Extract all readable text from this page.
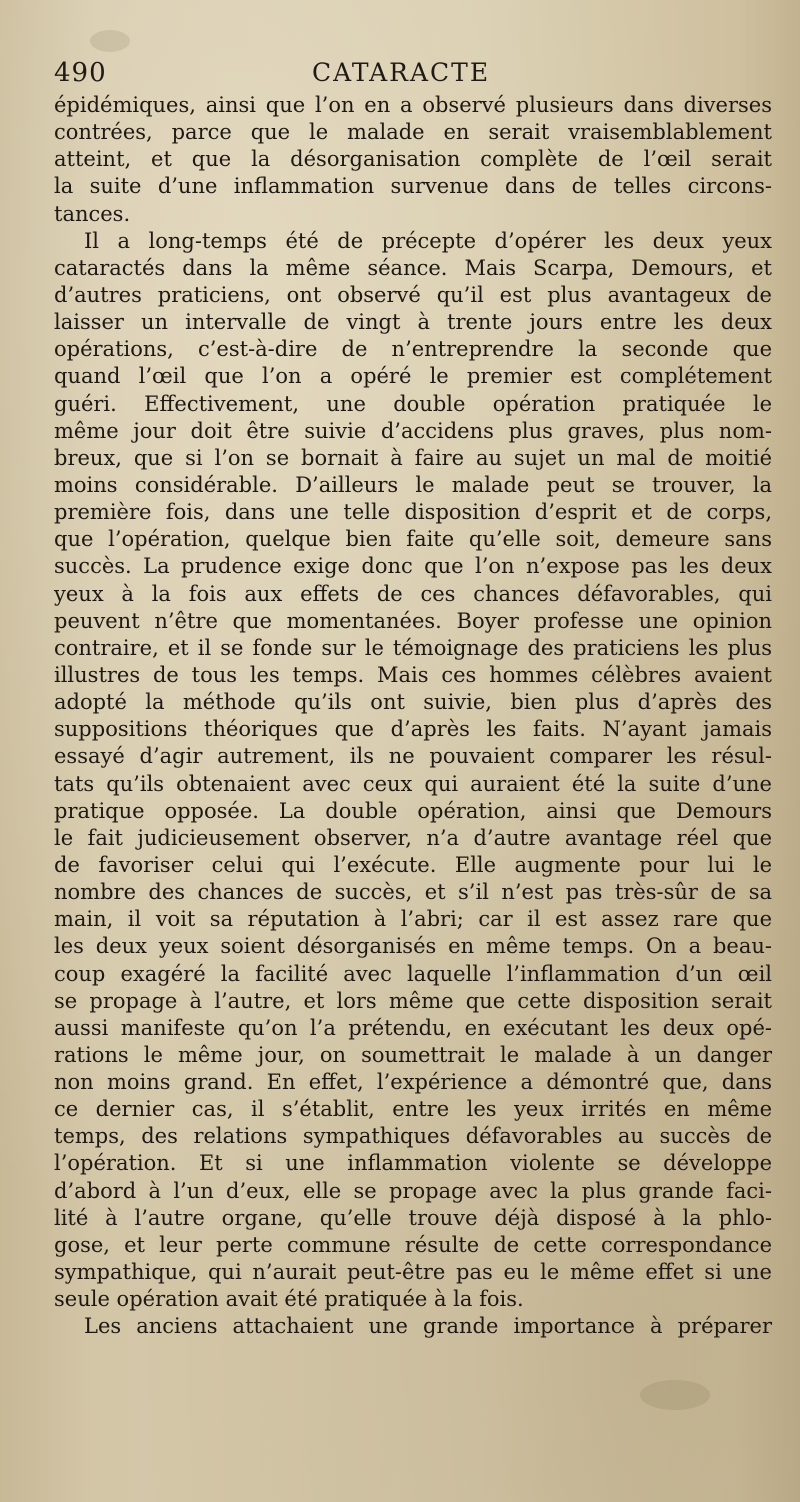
490	CATARACTE
épidémiques, ainsi que l’on en a observé plusieurs dans diverses
contrées, parce que le malade en serait vraisemblablement
atteint, et que la désorganisation complète de l’œil serait
la suite d’une inflammation survenue dans de telles circons-
tances.
Il a long-temps été de précepte d’opérer les deux yeux
cataractés dans la même séance. Mais Scarpa, Demours, et
d’autres praticiens, ont observé qu’il est plus avantageux de
laisser un intervalle de vingt à trente jours entre les deux
opérations, c’est-à-dire de n’entreprendre la seconde que
quand l’œil que l’on a opéré le premier est complétement
guéri. Effectivement, une double opération pratiquée le
même jour doit être suivie d’accidens plus graves, plus nom-
breux, que si l’on se bornait à faire au sujet un mal de moitié
moins considérable. D’ailleurs le malade peut se trouver, la
première fois, dans une telle disposition d’esprit et de corps,
que l’opération, quelque bien faite qu’elle soit, demeure sans
succès. La prudence exige donc que l’on n’expose pas les deux
yeux à la fois aux effets de ces chances défavorables, qui
peuvent n’être que momentanées. Boyer professe une opinion
contraire, et il se fonde sur le témoignage des praticiens les plus
illustres de tous les temps. Mais ces hommes célèbres avaient
adopté la méthode qu’ils ont suivie, bien plus d’après des
suppositions théoriques que d’après les faits. N’ayant jamais
essayé d’agir autrement, ils ne pouvaient comparer les résul-
tats qu’ils obtenaient avec ceux qui auraient été la suite d’une
pratique opposée. La double opération, ainsi que Demours
le fait judicieusement observer, n’a d’autre avantage réel que
de favoriser celui qui l’exécute. Elle augmente pour lui le
nombre des chances de succès, et s’il n’est pas très-sûr de sa
main, il voit sa réputation à l’abri; car il est assez rare que
les deux yeux soient désorganisés en même temps. On a beau-
coup exagéré la facilité avec laquelle l’inflammation d’un œil
se propage à l’autre, et lors même que cette disposition serait
aussi manifeste qu’on l’a prétendu, en exécutant les deux opé-
rations le même jour, on soumettrait le malade à un danger
non moins grand. En effet, l’expérience a démontré que, dans
ce dernier cas, il s’établit, entre les yeux irrités en même
temps, des relations sympathiques défavorables au succès de
l’opération. Et si une inflammation violente se développe
d’abord à l’un d’eux, elle se propage avec la plus grande faci-
lité à l’autre organe, qu’elle trouve déjà disposé à la phlo-
gose, et leur perte commune résulte de cette correspondance
sympathique, qui n’aurait peut-être pas eu le même effet si une
seule opération avait été pratiquée à la fois.
Les anciens attachaient une grande importance à préparer
